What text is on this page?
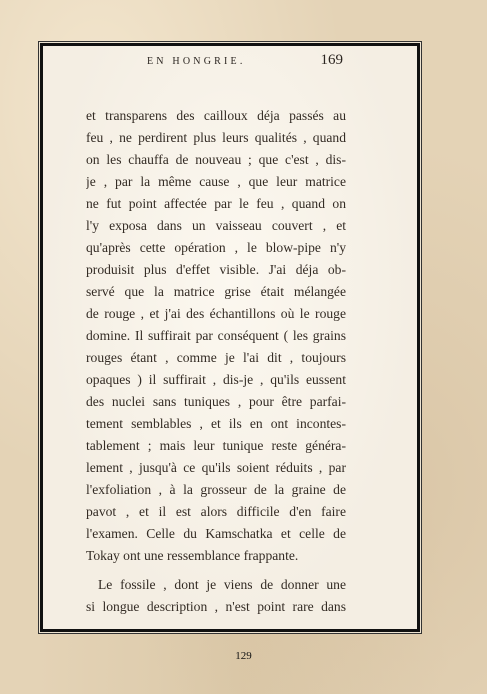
EN HONGRIE.	169
et transparens des cailloux déja passés au
feu , ne perdirent plus leurs qualités , quand
on les chauffa de nouveau ; que c'est , dis-
je , par la même cause , que leur matrice
ne fut point affectée par le feu , quand on
l'y exposa dans un vaisseau couvert , et
qu'après cette opération , le blow-pipe n'y
produisit plus d'effet visible. J'ai déja ob-
servé que la matrice grise était mélangée
de rouge , et j'ai des échantillons où le rouge
domine. Il suffirait par conséquent ( les grains
rouges étant , comme je l'ai dit , toujours
opaques ) il suffirait , dis-je , qu'ils eussent
des nuclei sans tuniques , pour être parfai-
tement semblables , et ils en ont incontes-
tablement ; mais leur tunique reste généra-
lement , jusqu'à ce qu'ils soient réduits , par
l'exfoliation , à la grosseur de la graine de
pavot , et il est alors difficile d'en faire
l'examen. Celle du Kamschatka et celle de
Tokay ont une ressemblance frappante.
Le fossile , dont je viens de donner une
si longue description , n'est point rare dans
129
